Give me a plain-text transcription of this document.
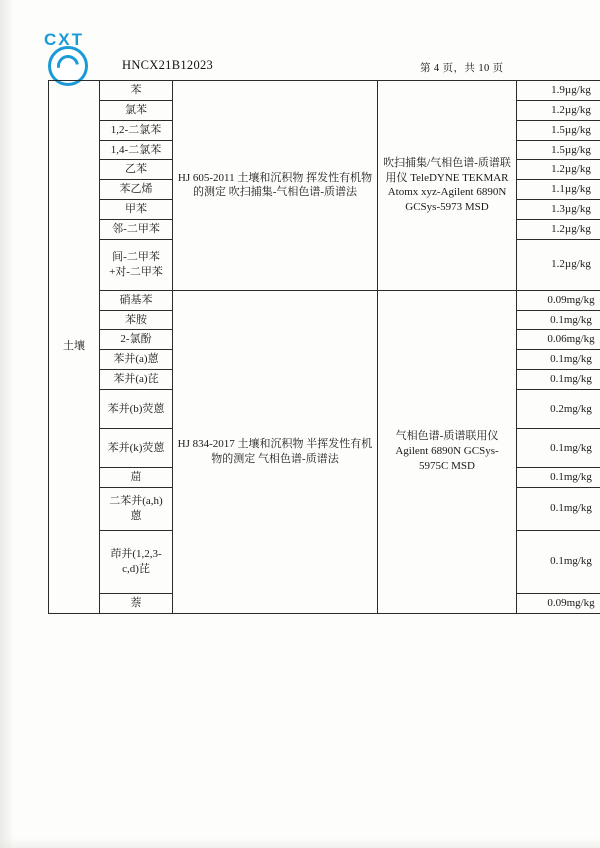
CXT
HNCX21B12023	第 4 页，共 10 页
土壤	苯	HJ 605-2011 土壤和沉积物 挥发性有机物的测定 吹扫捕集-气相色谱-质谱法	吹扫捕集/气相色谱-质谱联用仪 TeleDYNE TEKMAR Atomx xyz-Agilent 6890N GCSys-5973 MSD	1.9µg/kg
	氯苯			1.2µg/kg
	1,2-二氯苯			1.5µg/kg
	1,4-二氯苯			1.5µg/kg
	乙苯			1.2µg/kg
	苯乙烯			1.1µg/kg
	甲苯			1.3µg/kg
	邻-二甲苯			1.2µg/kg
	间-二甲苯+对-二甲苯			1.2µg/kg
	硝基苯	HJ 834-2017 土壤和沉积物 半挥发性有机物的测定 气相色谱-质谱法	气相色谱-质谱联用仪 Agilent 6890N GCSys-5975C MSD	0.09mg/kg
	苯胺			0.1mg/kg
	2-氯酚			0.06mg/kg
	苯并(a)蒽			0.1mg/kg
	苯并(a)芘			0.1mg/kg
	苯并(b)荧蒽			0.2mg/kg
	苯并(k)荧蒽			0.1mg/kg
	䓛			0.1mg/kg
	二苯并(a,h)蒽			0.1mg/kg
	茚并(1,2,3-c,d)芘			0.1mg/kg
	萘			0.09mg/kg
